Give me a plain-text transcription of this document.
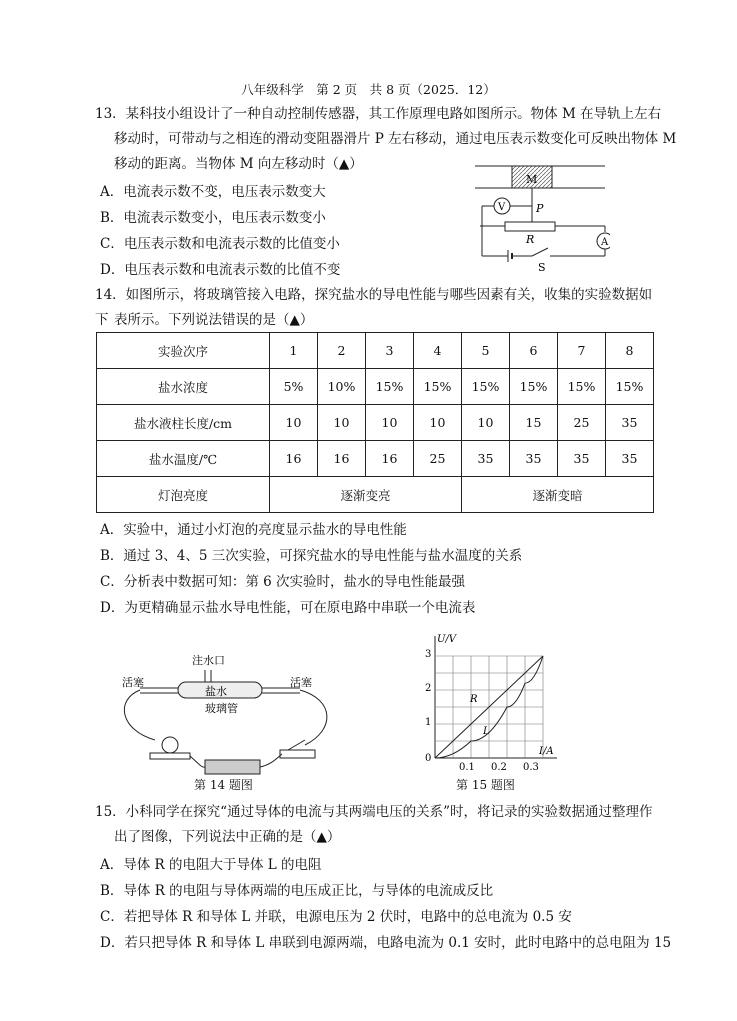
八年级科学　第 2 页　共 8 页（2025．12）
13．某科技小组设计了一种自动控制传感器，其工作原理电路如图所示。物体 M 在导轨上左右
移动时，可带动与之相连的滑动变阻器滑片 P 左右移动，通过电压表示数变化可反映出物体 M
移动的距离。当物体 M 向左移动时（▲）
A．电流表示数不变，电压表示数变大
B．电流表示数变小，电压表示数变小
C．电压表示数和电流表示数的比值变小
D．电压表示数和电流表示数的比值不变
M
P
R
V
A
S
14．如图所示，将玻璃管接入电路，探究盐水的导电性能与哪些因素有关，收集的实验数据如下 表所示。下列说法错误的是（▲）
实验次序	1	2	3	4	5	6	7	8
盐水浓度	5%	10%	15%	15%	15%	15%	15%	15%
盐水液柱长度/cm	10	10	10	10	10	15	25	35
盐水温度/℃	16	16	16	25	35	35	35	35
灯泡亮度	逐渐变亮				逐渐变暗			
A．实验中，通过小灯泡的亮度显示盐水的导电性能
B．通过 3、4、5 三次实验，可探究盐水的导电性能与盐水温度的关系
C．分析表中数据可知：第 6 次实验时，盐水的导电性能最强
D．为更精确显示盐水导电性能，可在原电路中串联一个电流表
注水口
活塞	活塞
盐水
玻璃管
第 14 题图
U/V
I/A
3
2
1
0
0.1 0.2 0.3
R
L
第 15 题图
15．小科同学在探究“通过导体的电流与其两端电压的关系”时，将记录的实验数据通过整理作
出了图像，下列说法中正确的是（▲）
A．导体 R 的电阻大于导体 L 的电阻
B．导体 R 的电阻与导体两端的电压成正比，与导体的电流成反比
C．若把导体 R 和导体 L 并联，电源电压为 2 伏时，电路中的总电流为 0.5 安
D．若只把导体 R 和导体 L 串联到电源两端，电路电流为 0.1 安时，此时电路中的总电阻为 15
